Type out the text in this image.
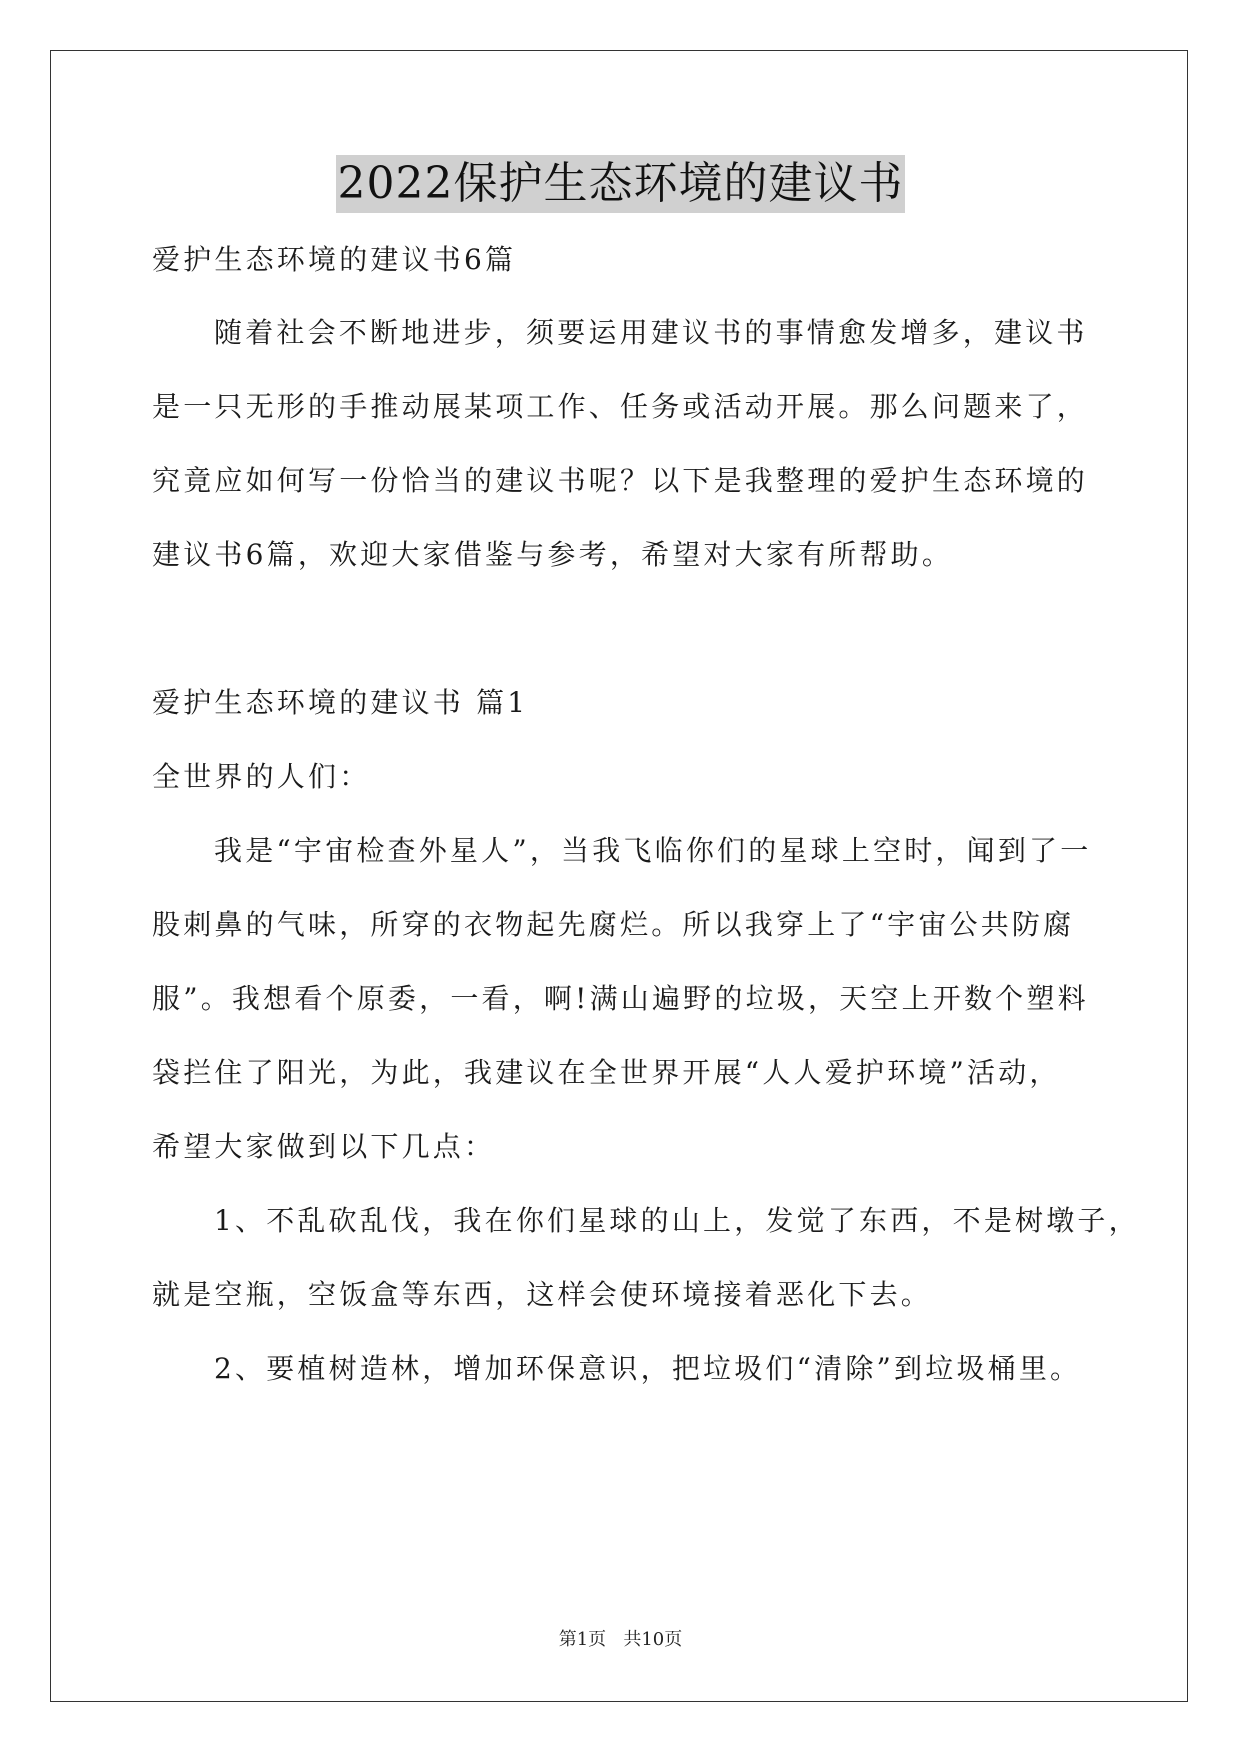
2022保护生态环境的建议书
爱护生态环境的建议书6篇
随着社会不断地进步，须要运用建议书的事情愈发增多，建议书
是一只无形的手推动展某项工作、任务或活动开展。那么问题来了，
究竟应如何写一份恰当的建议书呢？以下是我整理的爱护生态环境的
建议书6篇，欢迎大家借鉴与参考，希望对大家有所帮助。
爱护生态环境的建议书 篇1
全世界的人们：
我是“宇宙检查外星人”，当我飞临你们的星球上空时，闻到了一
股刺鼻的气味，所穿的衣物起先腐烂。所以我穿上了“宇宙公共防腐
服”。我想看个原委，一看，啊!满山遍野的垃圾，天空上开数个塑料
袋拦住了阳光，为此，我建议在全世界开展“人人爱护环境”活动，
希望大家做到以下几点：
1、不乱砍乱伐，我在你们星球的山上，发觉了东西，不是树墩子，
就是空瓶，空饭盒等东西，这样会使环境接着恶化下去。
2、要植树造林，增加环保意识，把垃圾们“清除”到垃圾桶里。
第1页 共10页
